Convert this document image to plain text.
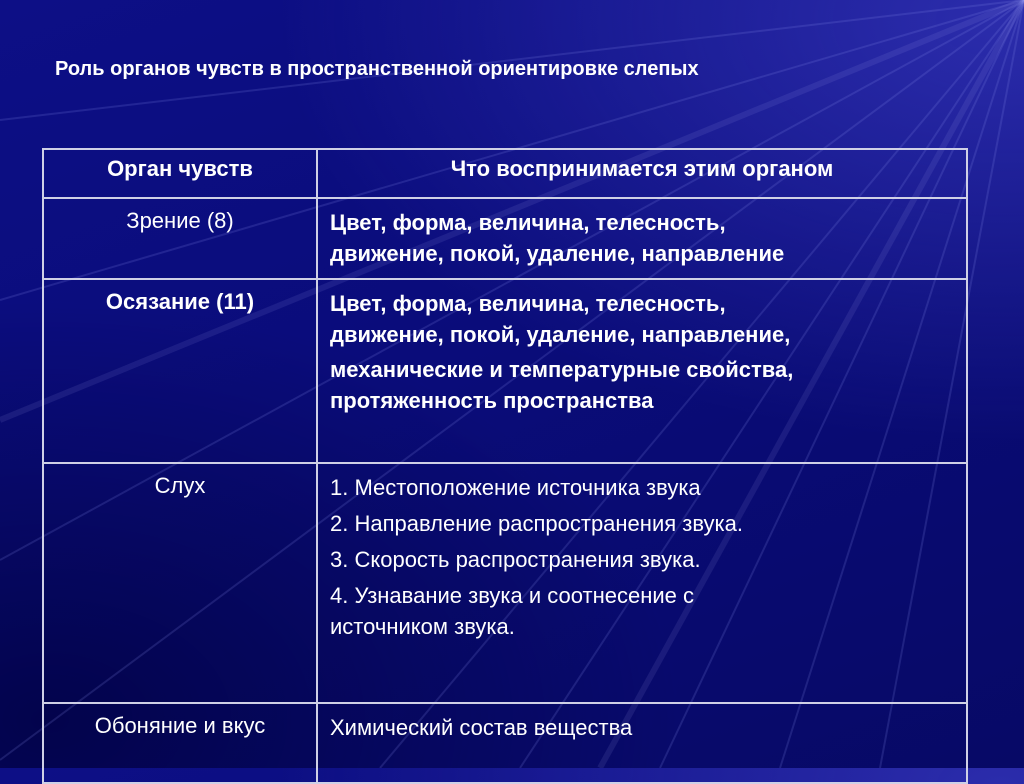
Роль органов чувств в пространственной ориентировке слепых
Орган чувств	Что воспринимается этим органом
Зрение (8)	Цвет, форма, величина, телесность,
движение, покой, удаление, направление

Осязание (11)	Цвет, форма, величина, телесность,
движение, покой, удаление, направление,
механические и температурные свойства,
протяженность пространства

Слух	1. Местоположение источника звука
2. Направление распространения звука.
3. Скорость распространения звука.
4. Узнавание звука и соотнесение с
источником звука.

Обоняние и вкус	Химический состав вещества
